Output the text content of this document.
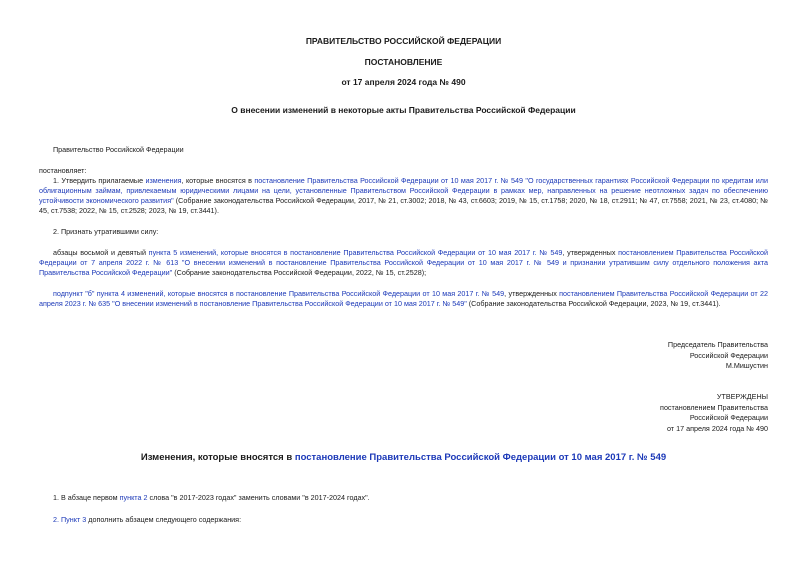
ПРАВИТЕЛЬСТВО РОССИЙСКОЙ ФЕДЕРАЦИИ
ПОСТАНОВЛЕНИЕ
от 17 апреля 2024 года № 490
О внесении изменений в некоторые акты Правительства Российской Федерации
Правительство Российской Федерации
постановляет:
1. Утвердить прилагаемые изменения, которые вносятся в постановление Правительства Российской Федерации от 10 мая 2017 г. № 549 "О государственных гарантиях Российской Федерации по кредитам или облигационным займам, привлекаемым юридическими лицами на цели, установленные Правительством Российской Федерации в рамках мер, направленных на решение неотложных задач по обеспечению устойчивости экономического развития" (Собрание законодательства Российской Федерации, 2017, № 21, ст.3002; 2018, № 43, ст.6603; 2019, № 15, ст.1758; 2020, № 18, ст.2911; № 47, ст.7558; 2021, № 23, ст.4080; № 45, ст.7538; 2022, № 15, ст.2528; 2023, № 19, ст.3441).
2. Признать утратившими силу:
абзацы восьмой и девятый пункта 5 изменений, которые вносятся в постановление Правительства Российской Федерации от 10 мая 2017 г. № 549, утвержденных постановлением Правительства Российской Федерации от 7 апреля 2022 г. № 613 "О внесении изменений в постановление Правительства Российской Федерации от 10 мая 2017 г. № 549 и признании утратившим силу отдельного положения акта Правительства Российской Федерации" (Собрание законодательства Российской Федерации, 2022, № 15, ст.2528);
подпункт "б" пункта 4 изменений, которые вносятся в постановление Правительства Российской Федерации от 10 мая 2017 г. № 549, утвержденных постановлением Правительства Российской Федерации от 22 апреля 2023 г. № 635 "О внесении изменений в постановление Правительства Российской Федерации от 10 мая 2017 г. № 549" (Собрание законодательства Российской Федерации, 2023, № 19, ст.3441).
Председатель Правительства
Российской Федерации
М.Мишустин
УТВЕРЖДЕНЫ
постановлением Правительства
Российской Федерации
от 17 апреля 2024 года № 490
Изменения, которые вносятся в постановление Правительства Российской Федерации от 10 мая 2017 г. № 549
1. В абзаце первом пункта 2 слова "в 2017-2023 годах" заменить словами "в 2017-2024 годах".
2. Пункт 3 дополнить абзацем следующего содержания:
